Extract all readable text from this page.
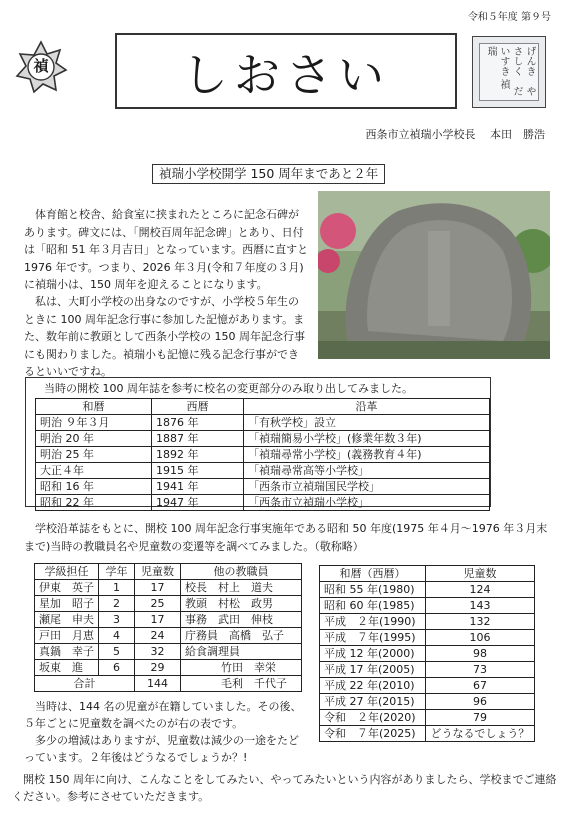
令和５年度 第９号
禎	しおさい	げんき　やさしく　だいすき 禎瑞
西条市立禎瑞小学校長　 本田　勝浩
禎瑞小学校開学 150 周年まであと２年
体育館と校舎、給食室に挟まれたところに記念石碑があります。碑文には、「開校百周年記念碑」とあり、日付は「昭和 51 年３月吉日」となっています。西暦に直すと 1976 年です。つまり、2026 年３月(令和７年度の３月)に禎瑞小は、150 周年を迎えることになります。
私は、大町小学校の出身なのですが、小学校５年生のときに 100 周年記念行事に参加した記憶があります。また、数年前に教頭として西条小学校の 150 周年記念行事にも関わりました。禎瑞小も記憶に残る記念行事ができるといいですね。
当時の開校 100 周年誌を参考に校名の変更部分のみ取り出してみました。
和暦	西暦	沿革
明治 ９年３月	1876 年	「有秋学校」設立
明治 20 年	1887 年	「禎瑞簡易小学校」(修業年数３年)
明治 25 年	1892 年	「禎瑞尋常小学校」(義務教育４年)
大正４年	1915 年	「禎瑞尋常高等小学校」
昭和 16 年	1941 年	「西条市立禎瑞国民学校」
昭和 22 年	1947 年	「西条市立禎瑞小学校」
学校沿革誌をもとに、開校 100 周年記念行事実施年である昭和 50 年度(1975 年４月～1976 年３月末まで)当時の教職員名や児童数の変遷等を調べてみました。（敬称略）
学級担任	学年	児童数	他の教職員
伊東　英子	1	17	校長　村上　道夫
星加　昭子	2	25	教頭　村松　政男
瀬尾　申夫	3	17	事務　武田　伸枝
戸田　月恵	4	24	庁務員　高橋　弘子
真鍋　幸子	5	32	給食調理員
坂東　進	6	29	竹田　幸栄
合計		144	毛利　千代子
和暦（西暦）	児童数
昭和 55 年(1980)	124
昭和 60 年(1985)	143
平成　２年(1990)	132
平成　７年(1995)	106
平成 12 年(2000)	98
平成 17 年(2005)	73
平成 22 年(2010)	67
平成 27 年(2015)	96
令和　２年(2020)	79
令和　７年(2025)	どうなるでしょう？
当時は、144 名の児童が在籍していました。その後、５年ごとに児童数を調べたのが右の表です。
多少の増減はありますが、児童数は減少の一途をたどっています。２年後はどうなるでしょうか？!
開校 150 周年に向け、こんなことをしてみたい、やってみたいという内容がありましたら、学校までご連絡ください。参考にさせていただきます。
